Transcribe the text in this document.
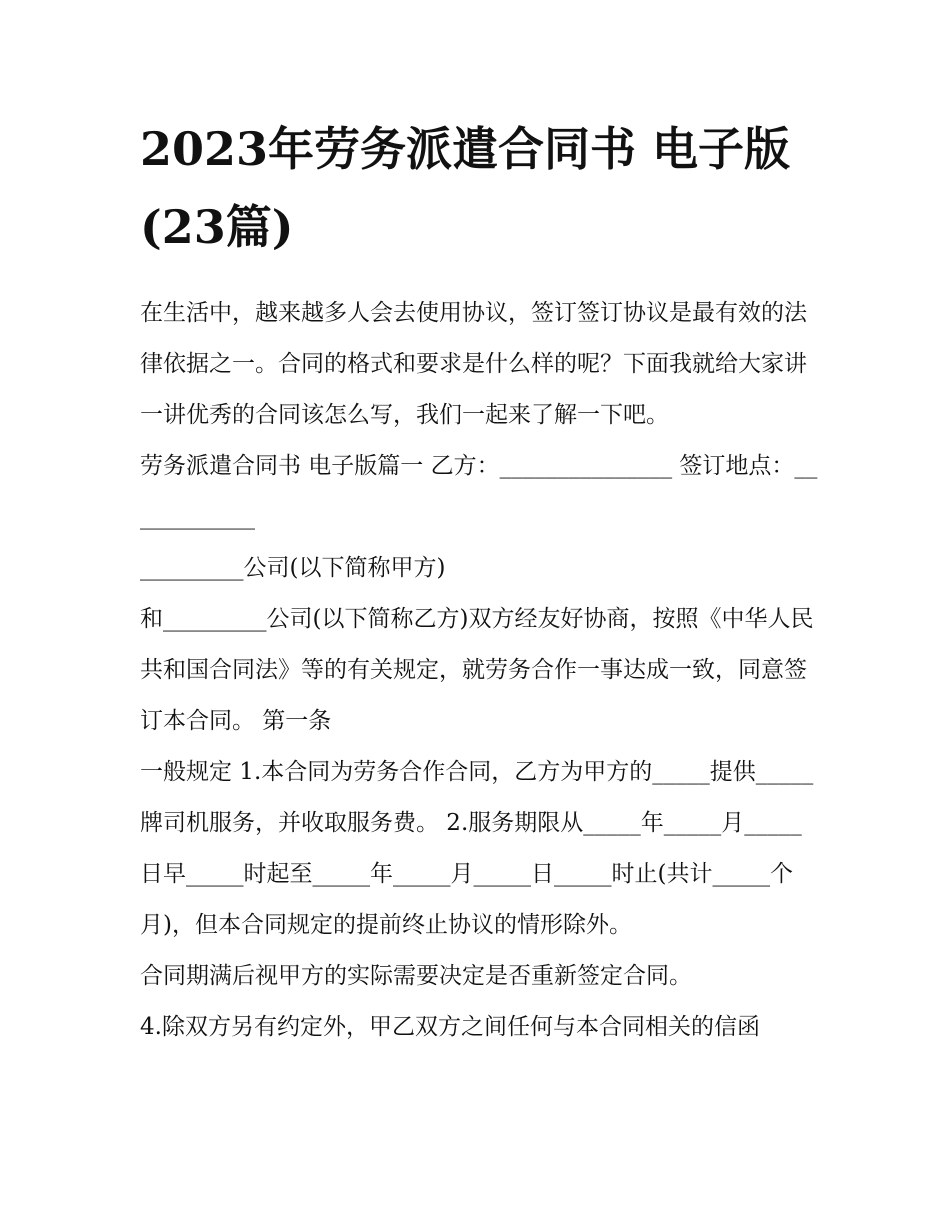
2023年劳务派遣合同书 电子版(23篇)

在生活中，越来越多人会去使用协议，签订签订协议是最有效的法律依据之一。合同的格式和要求是什么样的呢？下面我就给大家讲一讲优秀的合同该怎么写，我们一起来了解一下吧。

劳务派遣合同书 电子版篇一 乙方：_______________ 签订地点：____________

_________公司(以下简称甲方)

和_________公司(以下简称乙方)双方经友好协商，按照《中华人民共和国合同法》等的有关规定，就劳务合作一事达成一致，同意签订本合同。 第一条

一般规定 1.本合同为劳务合作合同，乙方为甲方的_____提供_____牌司机服务，并收取服务费。 2.服务期限从_____年_____月_____日早_____时起至_____年_____月_____日_____时止(共计_____个月)，但本合同规定的提前终止协议的情形除外。

合同期满后视甲方的实际需要决定是否重新签定合同。

4.除双方另有约定外，甲乙双方之间任何与本合同相关的信函
